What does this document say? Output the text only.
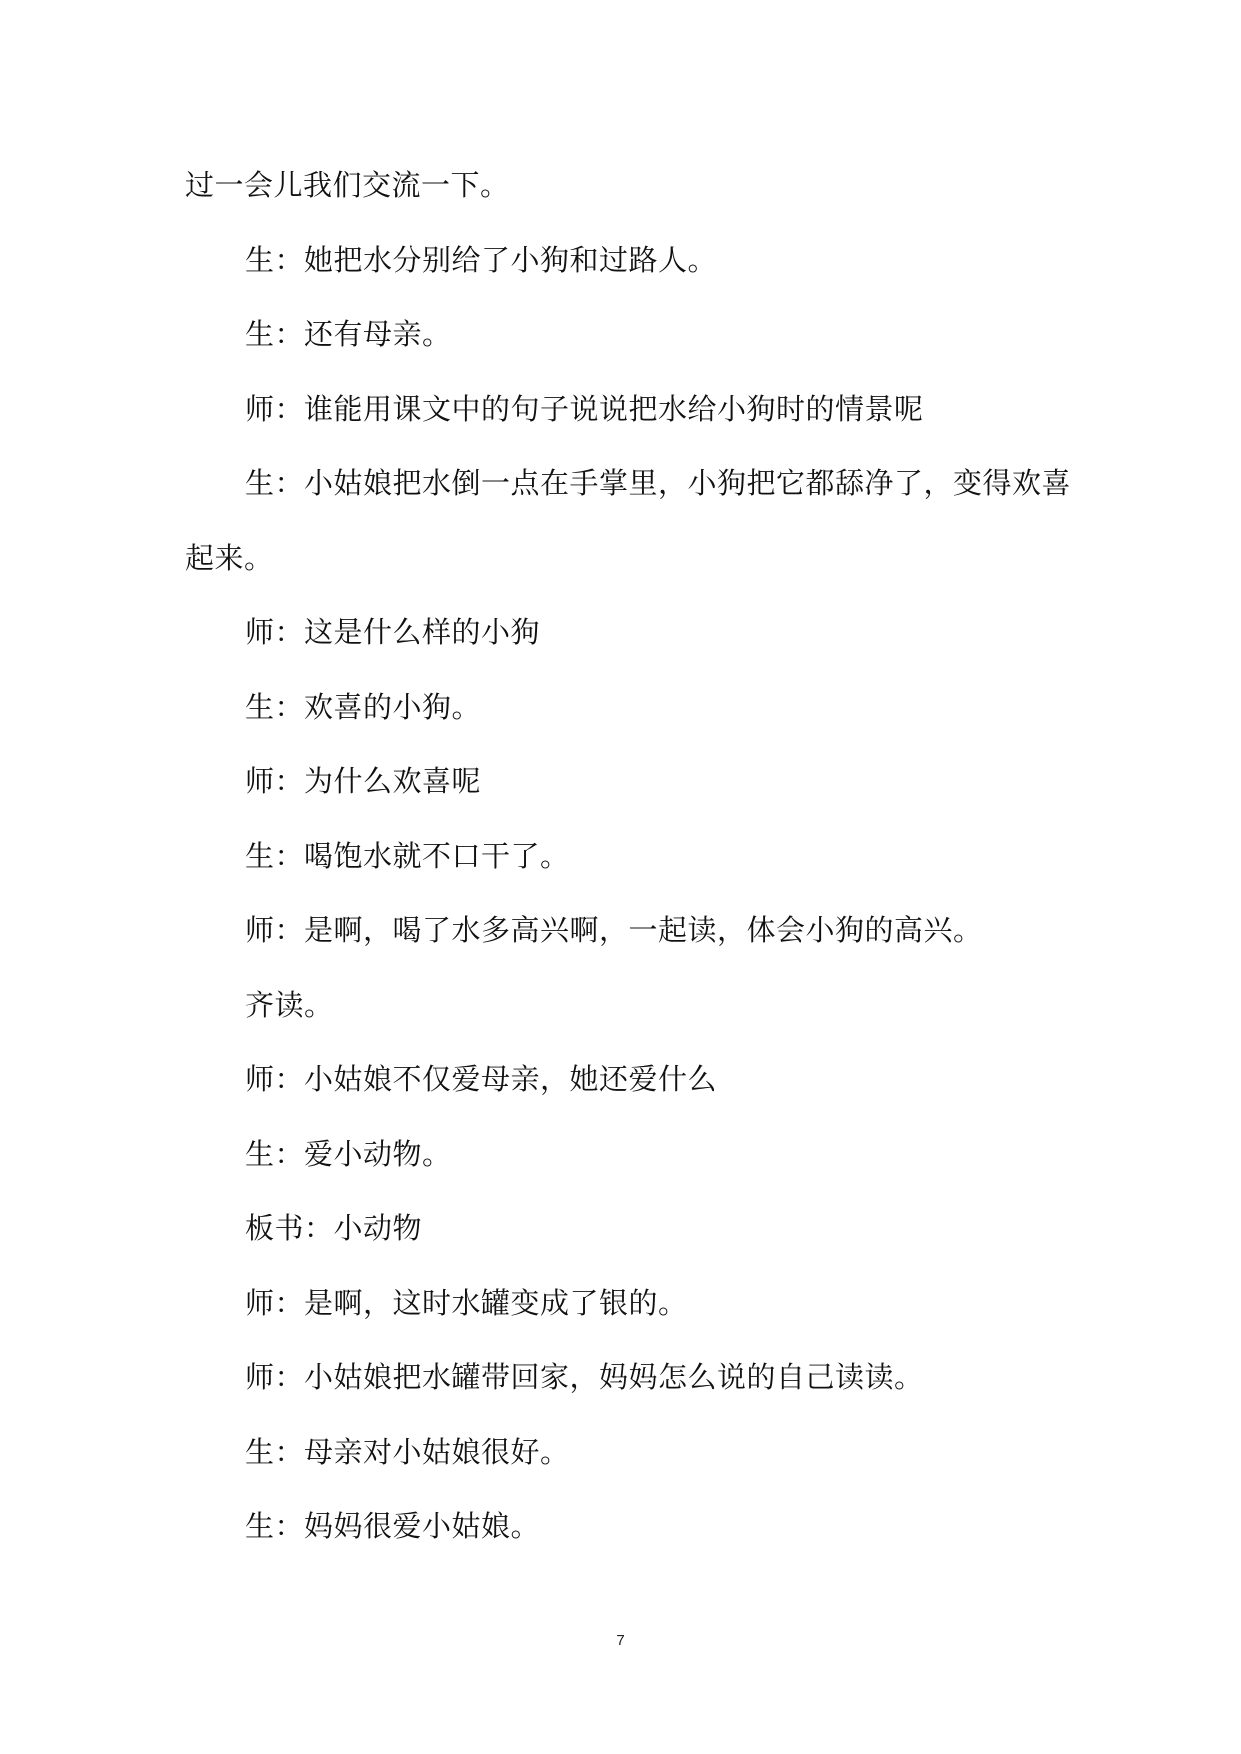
过一会儿我们交流一下。
生：她把水分别给了小狗和过路人。
生：还有母亲。
师：谁能用课文中的句子说说把水给小狗时的情景呢
生：小姑娘把水倒一点在手掌里，小狗把它都舔净了，变得欢喜
起来。
师：这是什么样的小狗
生：欢喜的小狗。
师：为什么欢喜呢
生：喝饱水就不口干了。
师：是啊，喝了水多高兴啊，一起读，体会小狗的高兴。
齐读。
师：小姑娘不仅爱母亲，她还爱什么
生：爱小动物。
板书：小动物
师：是啊，这时水罐变成了银的。
师：小姑娘把水罐带回家，妈妈怎么说的自己读读。
生：母亲对小姑娘很好。
生：妈妈很爱小姑娘。
7
